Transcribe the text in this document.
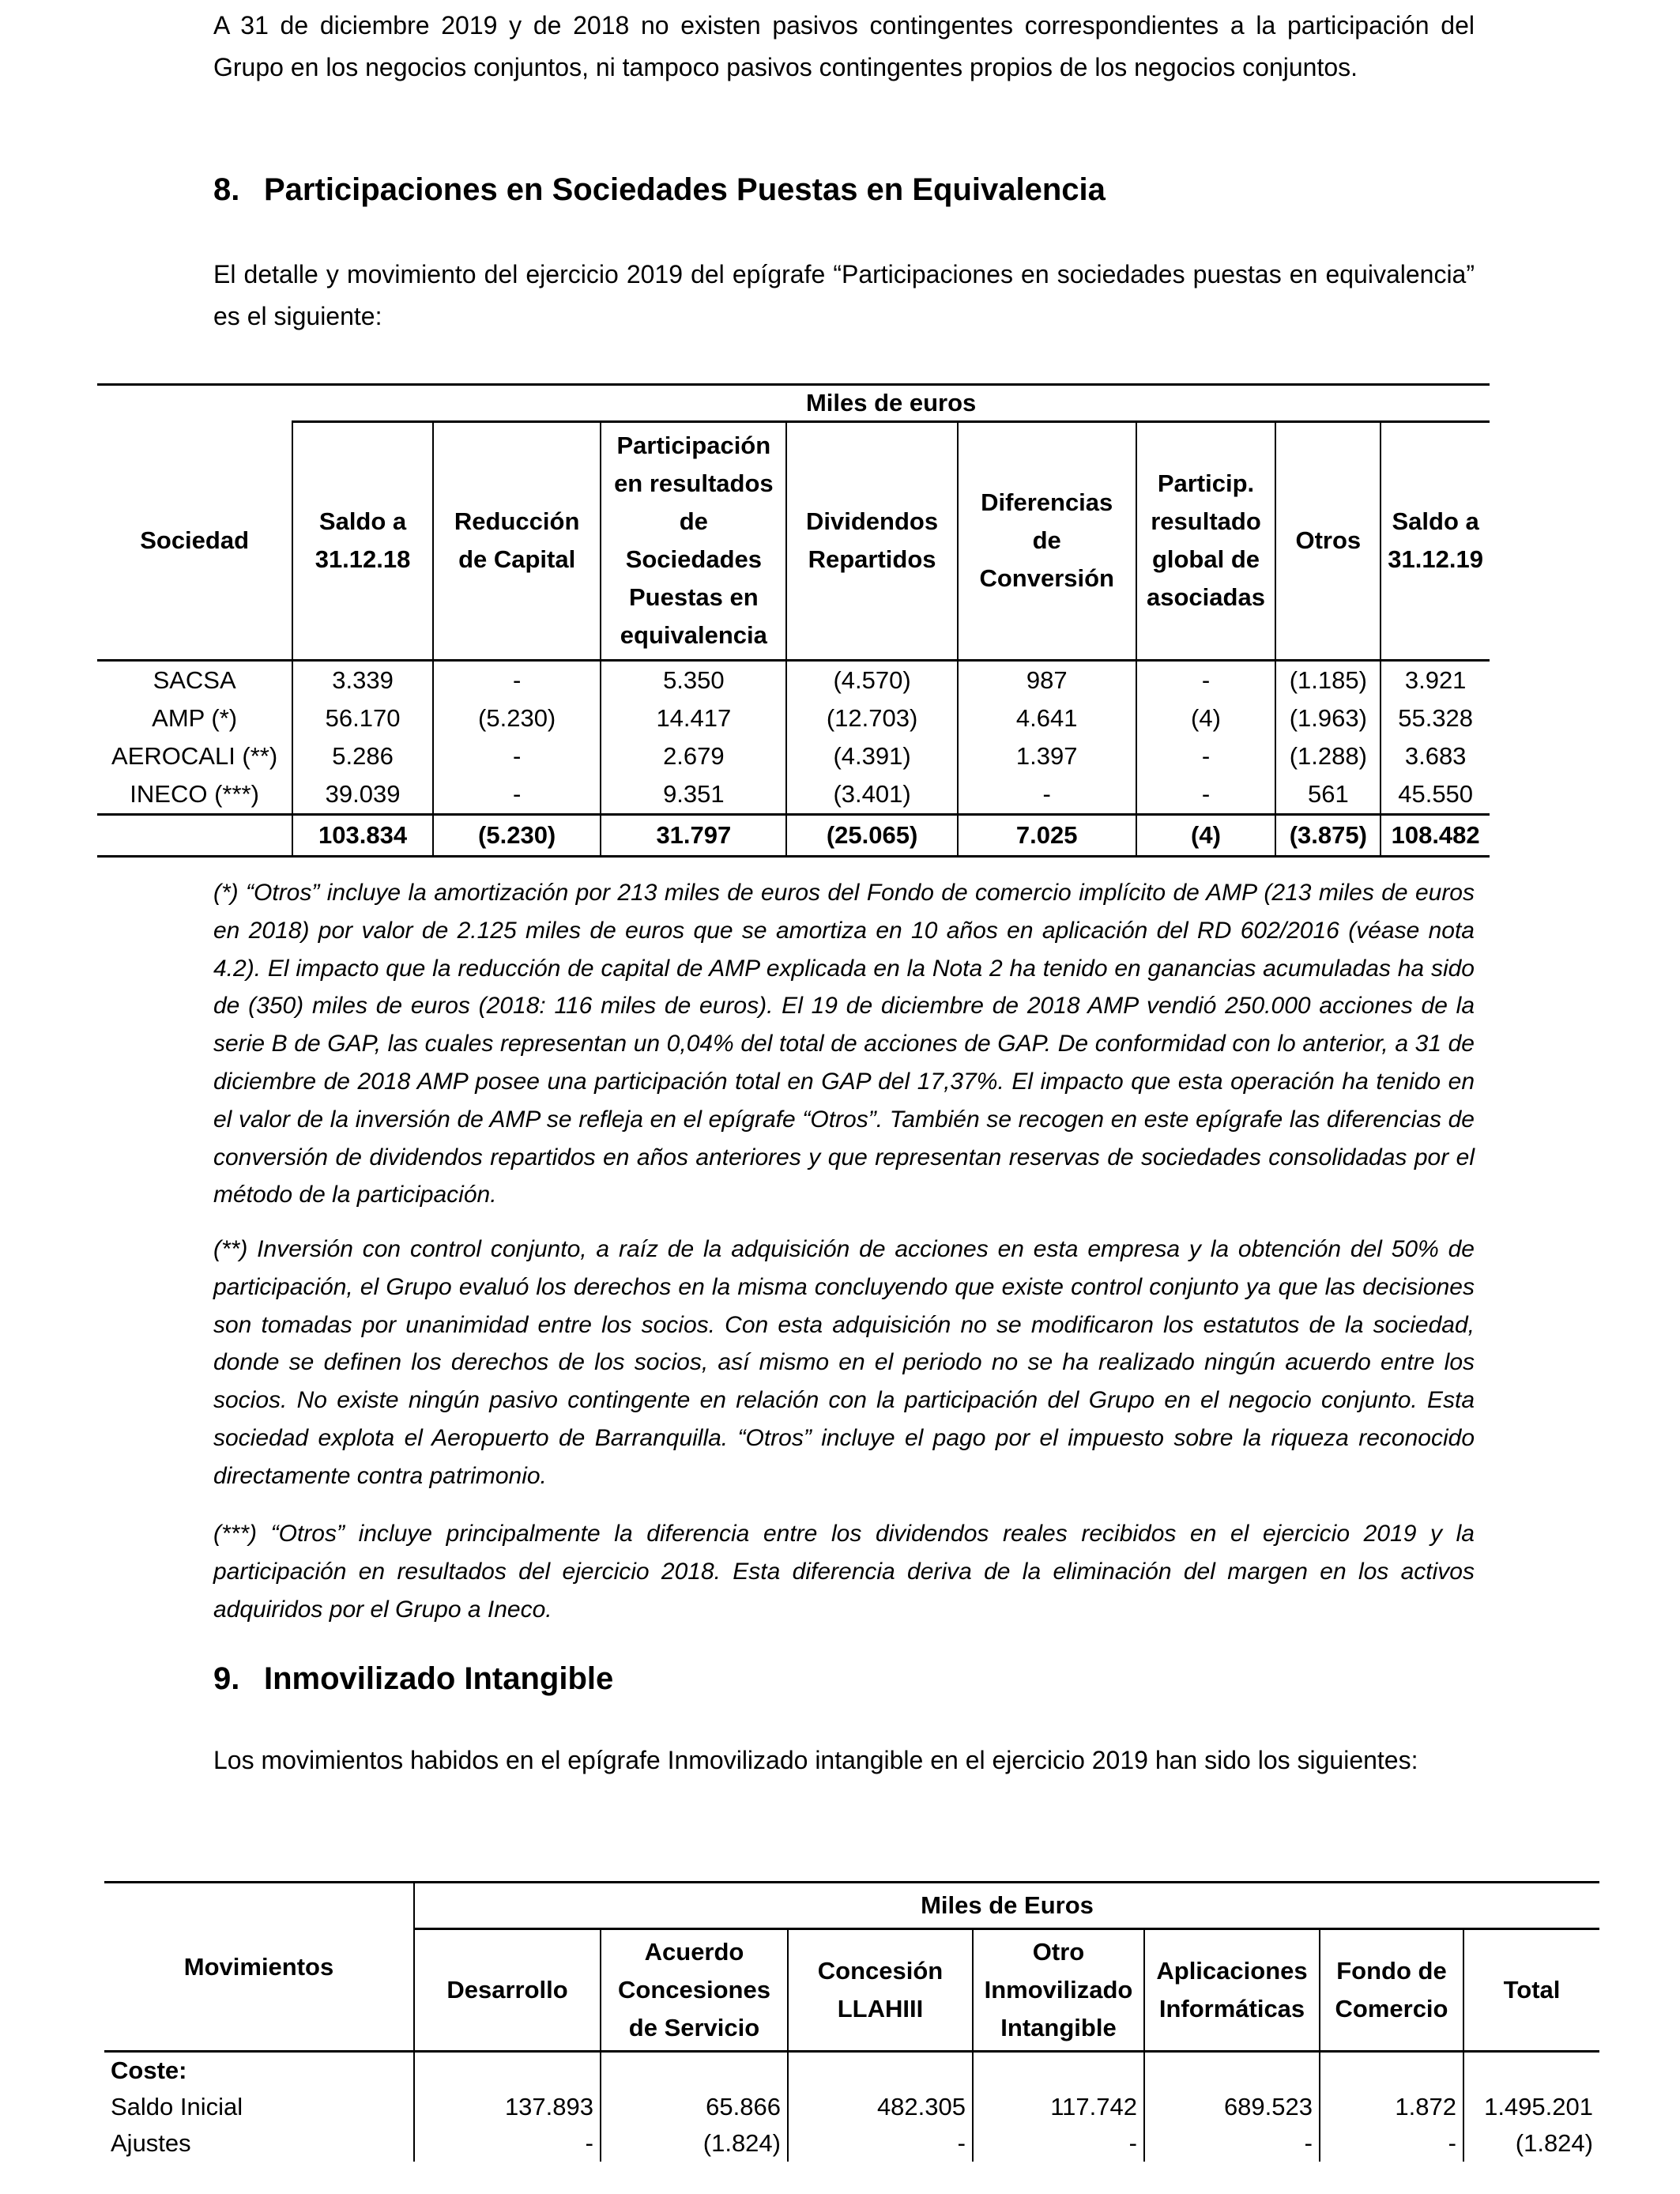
A 31 de diciembre 2019 y de 2018 no existen pasivos contingentes correspondientes a la participación del Grupo en los negocios conjuntos, ni tampoco pasivos contingentes propios de los negocios conjuntos.

8. Participaciones en Sociedades Puestas en Equivalencia

El detalle y movimiento del ejercicio 2019 del epígrafe “Participaciones en sociedades puestas en equivalencia” es el siguiente:

	Miles de euros							
Sociedad	Saldo a 31.12.18	Reducción de Capital	Participación en resultados de Sociedades Puestas en equivalencia	Dividendos Repartidos	Diferencias de Conversión	Particip. resultado global de asociadas	Otros	Saldo a 31.12.19
SACSA	3.339	-	5.350	(4.570)	987	-	(1.185)	3.921
AMP (*)	56.170	(5.230)	14.417	(12.703)	4.641	(4)	(1.963)	55.328
AEROCALI (**)	5.286	-	2.679	(4.391)	1.397	-	(1.288)	3.683
INECO (***)	39.039	-	9.351	(3.401)	-	-	561	45.550
	103.834	(5.230)	31.797	(25.065)	7.025	(4)	(3.875)	108.482

(*) “Otros” incluye la amortización por 213 miles de euros del Fondo de comercio implícito de AMP (213 miles de euros en 2018) por valor de 2.125 miles de euros que se amortiza en 10 años en aplicación del RD 602/2016 (véase nota 4.2). El impacto que la reducción de capital de AMP explicada en la Nota 2 ha tenido en ganancias acumuladas ha sido de (350) miles de euros (2018: 116 miles de euros). El 19 de diciembre de 2018 AMP vendió 250.000 acciones de la serie B de GAP, las cuales representan un 0,04% del total de acciones de GAP. De conformidad con lo anterior, a 31 de diciembre de 2018 AMP posee una participación total en GAP del 17,37%. El impacto que esta operación ha tenido en el valor de la inversión de AMP se refleja en el epígrafe “Otros”. También se recogen en este epígrafe las diferencias de conversión de dividendos repartidos en años anteriores y que representan reservas de sociedades consolidadas por el método de la participación.

(**) Inversión con control conjunto, a raíz de la adquisición de acciones en esta empresa y la obtención del 50% de participación, el Grupo evaluó los derechos en la misma concluyendo que existe control conjunto ya que las decisiones son tomadas por unanimidad entre los socios. Con esta adquisición no se modificaron los estatutos de la sociedad, donde se definen los derechos de los socios, así mismo en el periodo no se ha realizado ningún acuerdo entre los socios. No existe ningún pasivo contingente en relación con la participación del Grupo en el negocio conjunto. Esta sociedad explota el Aeropuerto de Barranquilla. “Otros” incluye el pago por el impuesto sobre la riqueza reconocido directamente contra patrimonio.

(***) “Otros” incluye principalmente la diferencia entre los dividendos reales recibidos en el ejercicio 2019 y la participación en resultados del ejercicio 2018. Esta diferencia deriva de la eliminación del margen en los activos adquiridos por el Grupo a Ineco.

9. Inmovilizado Intangible

Los movimientos habidos en el epígrafe Inmovilizado intangible en el ejercicio 2019 han sido los siguientes:

Movimientos	Miles de Euros						
	Desarrollo	Acuerdo Concesiones de Servicio	Concesión LLAHIII	Otro Inmovilizado Intangible	Aplicaciones Informáticas	Fondo de Comercio	Total
Coste:							
Saldo Inicial	137.893	65.866	482.305	117.742	689.523	1.872	1.495.201
Ajustes	-	(1.824)	-	-	-	-	(1.824)
